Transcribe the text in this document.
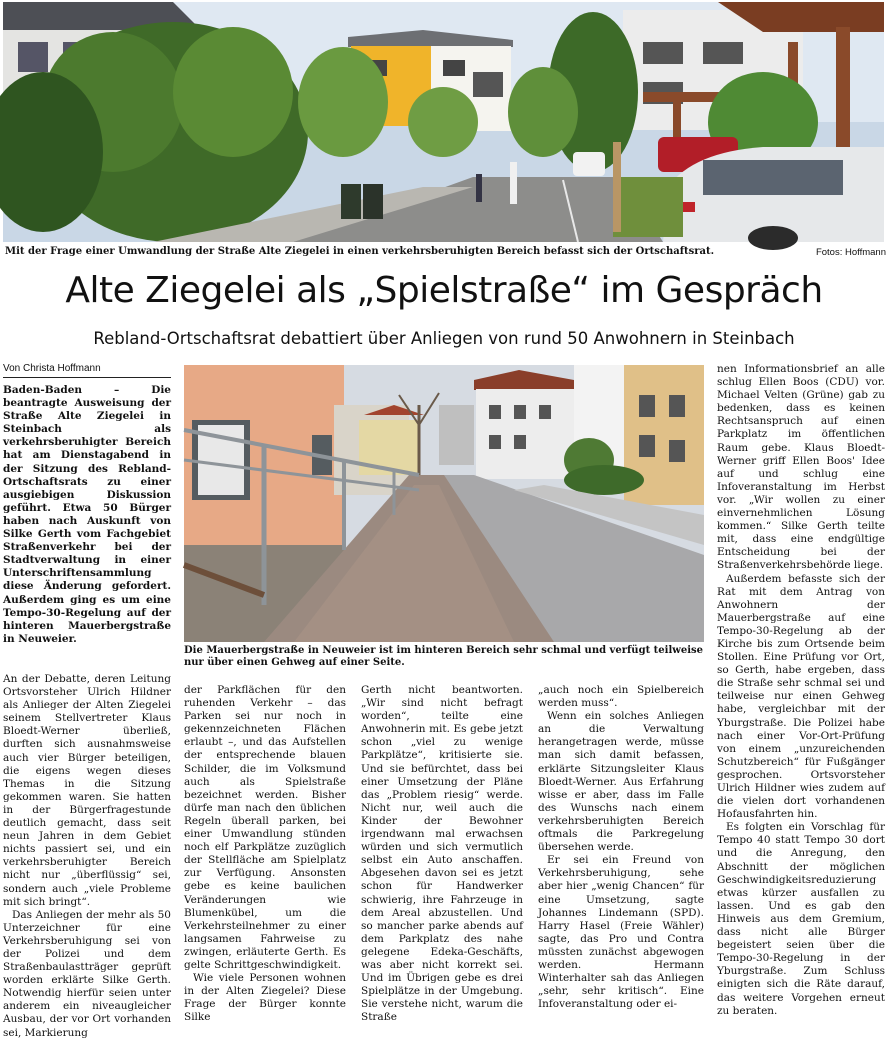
Mit der Frage einer Umwandlung der Straße Alte Ziegelei in einen verkehrsberuhigten Bereich befasst sich der Ortschaftsrat.	Fotos: Hoffmann
Alte Ziegelei als „Spielstraße“ im Gespräch
Rebland-Ortschaftsrat debattiert über Anliegen von rund 50 Anwohnern in Steinbach
Von Christa Hoffmann
Baden-Baden – Die beantragte Ausweisung der Straße Alte Ziegelei in Steinbach als verkehrsberuhigter Bereich hat am Dienstagabend in der Sitzung des Rebland-Ortschaftsrats zu einer ausgiebigen Diskussion geführt. Etwa 50 Bürger haben nach Auskunft von Silke Gerth vom Fachgebiet Straßenverkehr bei der Stadtverwaltung in einer Unterschriftensammlung diese Änderung gefordert. Außerdem ging es um eine Tempo-30-Regelung auf der hinteren Mauerbergstraße in Neuweier.
Die Mauerbergstraße in Neuweier ist im hinteren Bereich sehr schmal und verfügt teilweise nur über einen Gehweg auf einer Seite.

An der Debatte, deren Leitung Ortsvorsteher Ulrich Hildner als Anlieger der Alten Ziegelei seinem Stellvertreter Klaus Bloedt-Werner überließ, durften sich ausnahmsweise auch vier Bürger beteiligen, die eigens wegen dieses Themas in die Sitzung gekommen waren. Sie hatten in der Bürgerfragestunde deutlich gemacht, dass seit neun Jahren in dem Gebiet nichts passiert sei, und ein verkehrsberuhigter Bereich nicht nur „überflüssig“ sei, sondern auch „viele Probleme mit sich bringt“.

Das Anliegen der mehr als 50 Unterzeichner für eine Verkehrsberuhigung sei von der Polizei und dem Straßenbaulastträger geprüft worden erklärte Silke Gerth. Notwendig hierfür seien unter anderem ein niveaugleicher Ausbau, der vor Ort vorhanden sei, Markierung

der Parkflächen für den ruhenden Verkehr – das Parken sei nur noch in gekennzeichneten Flächen erlaubt –, und das Aufstellen der entsprechende blauen Schilder, die im Volksmund auch als Spielstraße bezeichnet werden. Bisher dürfe man nach den üblichen Regeln überall parken, bei einer Umwandlung stünden noch elf Parkplätze zuzüglich der Stellfläche am Spielplatz zur Verfügung. Ansonsten gebe es keine baulichen Veränderungen wie Blumenkübel, um die Verkehrsteilnehmer zu einer langsamen Fahrweise zu zwingen, erläuterte Gerth. Es gelte Schrittgeschwindigkeit.

Wie viele Personen wohnen in der Alten Ziegelei? Diese Frage der Bürger konnte Silke

Gerth nicht beantworten. „Wir sind nicht befragt worden“, teilte eine Anwohnerin mit. Es gebe jetzt schon „viel zu wenige Parkplätze“, kritisierte sie. Und sie befürchtet, dass bei einer Umsetzung der Pläne das „Problem riesig“ werde. Nicht nur, weil auch die Kinder der Bewohner irgendwann mal erwachsen würden und sich vermutlich selbst ein Auto anschaffen. Abgesehen davon sei es jetzt schon für Handwerker schwierig, ihre Fahrzeuge in dem Areal abzustellen. Und so mancher parke abends auf dem Parkplatz des nahe gelegene Edeka-Geschäfts, was aber nicht korrekt sei. Und im Übrigen gebe es drei Spielplätze in der Umgebung. Sie verstehe nicht, warum die Straße

„auch noch ein Spielbereich werden muss“.

Wenn ein solches Anliegen an die Verwaltung herangetragen werde, müsse man sich damit befassen, erklärte Sitzungsleiter Klaus Bloedt-Werner. Aus Erfahrung wisse er aber, dass im Falle des Wunschs nach einem verkehrsberuhigten Bereich oftmals die Parkregelung übersehen werde.

Er sei ein Freund von Verkehrsberuhigung, sehe aber hier „wenig Chancen“ für eine Umsetzung, sagte Johannes Lindemann (SPD). Harry Hasel (Freie Wähler) sagte, das Pro und Contra müssten zunächst abgewogen werden. Hermann Winterhalter sah das Anliegen „sehr, sehr kritisch“. Eine Infoveranstaltung oder ei-

nen Informationsbrief an alle schlug Ellen Boos (CDU) vor. Michael Velten (Grüne) gab zu bedenken, dass es keinen Rechtsanspruch auf einen Parkplatz im öffentlichen Raum gebe. Klaus Bloedt-Werner griff Ellen Boos' Idee auf und schlug eine Infoveranstaltung im Herbst vor. „Wir wollen zu einer einvernehmlichen Lösung kommen.“ Silke Gerth teilte mit, dass eine endgültige Entscheidung bei der Straßenverkehrsbehörde liege.

Außerdem befasste sich der Rat mit dem Antrag von Anwohnern der Mauerbergstraße auf eine Tempo-30-Regelung ab der Kirche bis zum Ortsende beim Stollen. Eine Prüfung vor Ort, so Gerth, habe ergeben, dass die Straße sehr schmal sei und teilweise nur einen Gehweg habe, vergleichbar mit der Yburgstraße. Die Polizei habe nach einer Vor-Ort-Prüfung von einem „unzureichenden Schutzbereich“ für Fußgänger gesprochen. Ortsvorsteher Ulrich Hildner wies zudem auf die vielen dort vorhandenen Hofausfahrten hin.

Es folgten ein Vorschlag für Tempo 40 statt Tempo 30 dort und die Anregung, den Abschnitt der möglichen Geschwindigkeitsreduzierung etwas kürzer ausfallen zu lassen. Und es gab den Hinweis aus dem Gremium, dass nicht alle Bürger begeistert seien über die Tempo-30-Regelung in der Yburgstraße. Zum Schluss einigten sich die Räte darauf, das weitere Vorgehen erneut zu beraten.
